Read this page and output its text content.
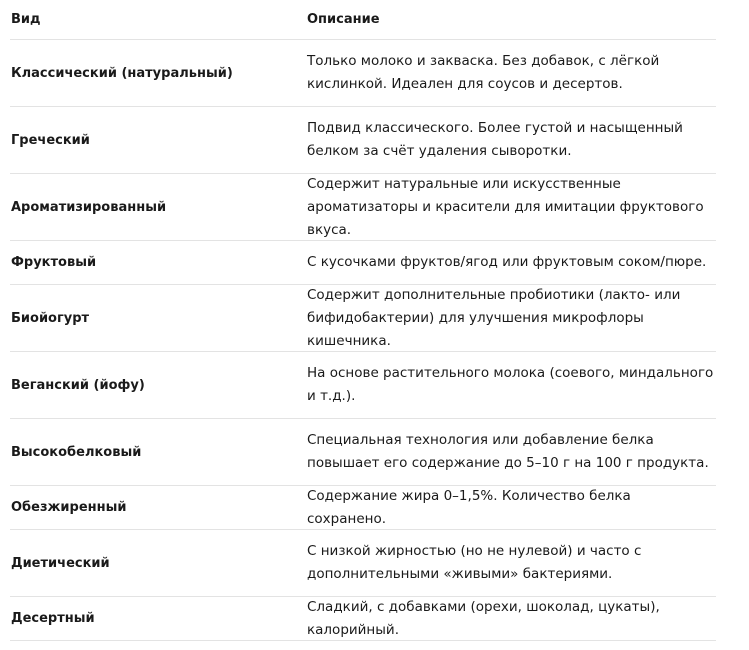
Вид	Описание
Классический (натуральный)
Только молоко и закваска. Без добавок, с лёгкой кислинкой. Идеален для соусов и десертов.
Греческий
Подвид классического. Более густой и насыщенный белком за счёт удаления сыворотки.
Ароматизированный
Содержит натуральные или искусственные ароматизаторы и красители для имитации фруктового вкуса.
Фруктовый	С кусочками фруктов/ягод или фруктовым соком/пюре.
Биойогурт
Содержит дополнительные пробиотики (лакто- или бифидобактерии) для улучшения микрофлоры кишечника.
Веганский (йофу)
На основе растительного молока (соевого, миндального и т.д.).
Высокобелковый
Специальная технология или добавление белка повышает его содержание до 5–10 г на 100 г продукта.
Обезжиренный
Содержание жира 0–1,5%. Количество белка сохранено.
Диетический
С низкой жирностью (но не нулевой) и часто с дополнительными «живыми» бактериями.
Десертный
Сладкий, с добавками (орехи, шоколад, цукаты), калорийный.
